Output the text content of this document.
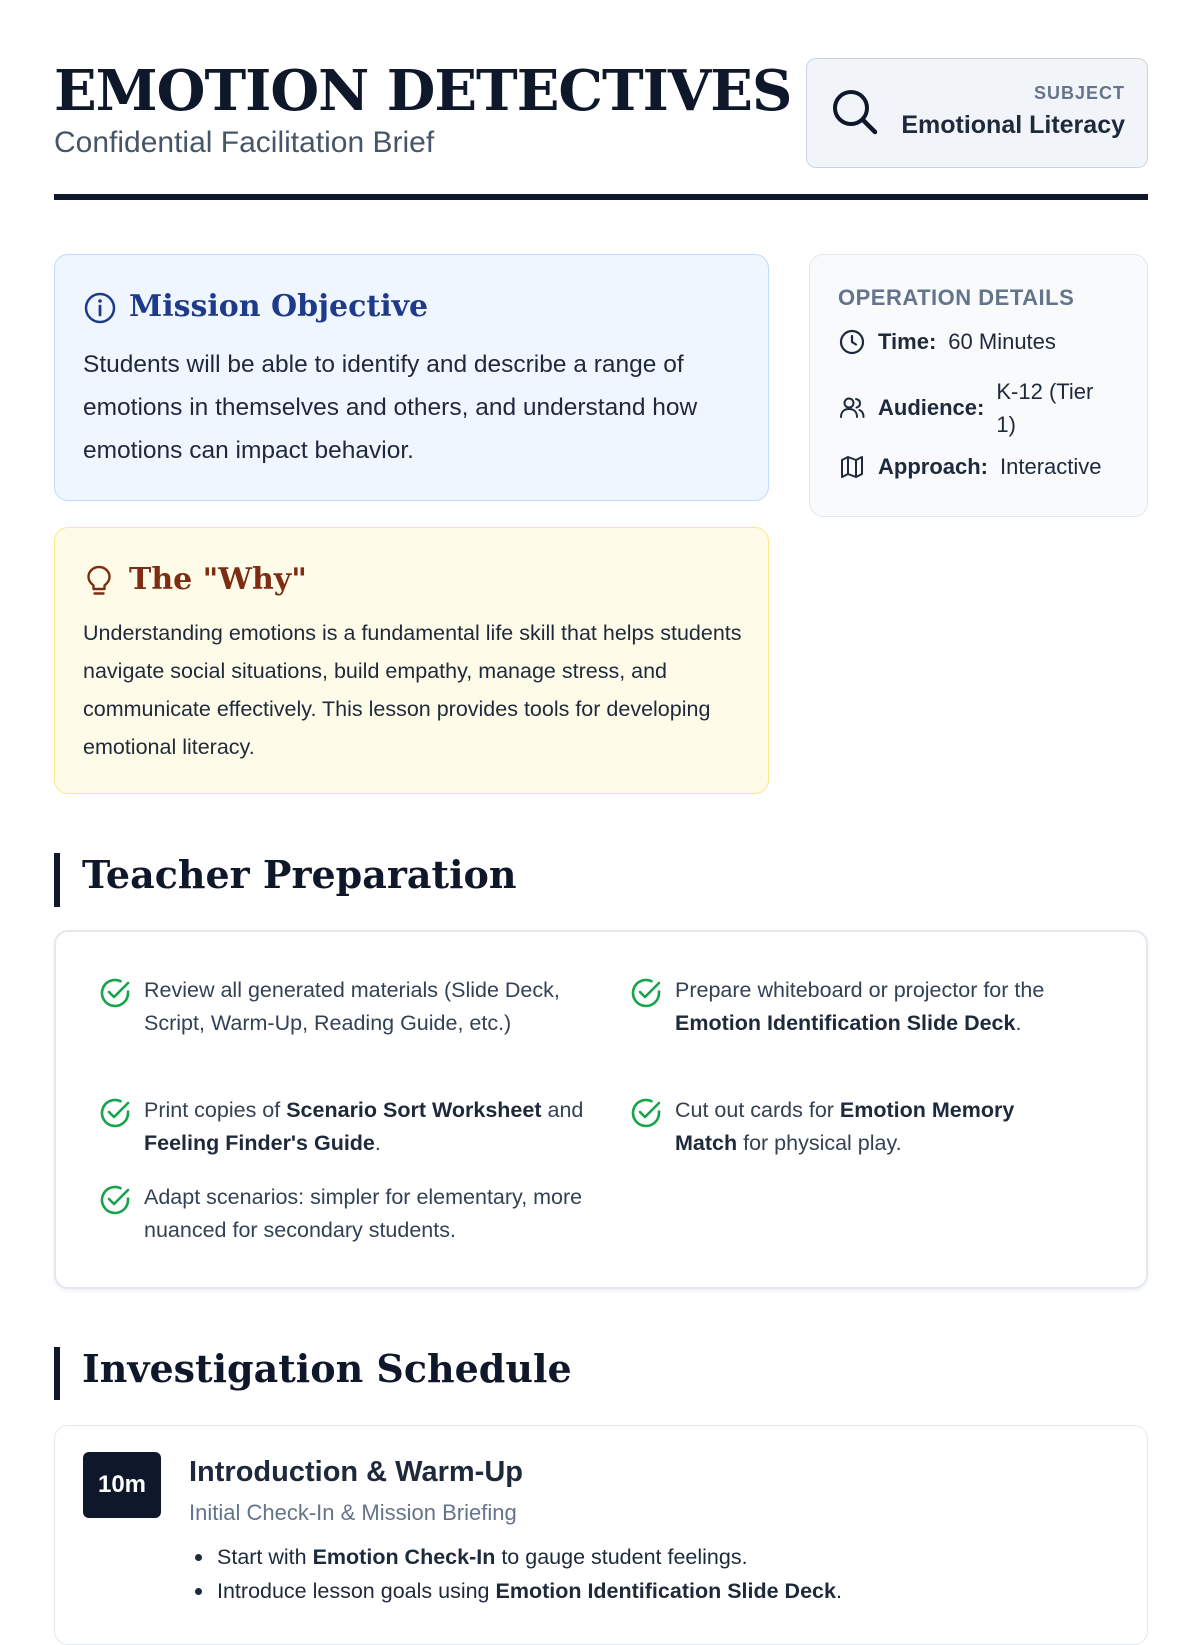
EMOTION DETECTIVES
Confidential Facilitation Brief
SUBJECT
Emotional Literacy
Mission Objective
Students will be able to identify and describe a range of emotions in themselves and others, and understand how emotions can impact behavior.
The "Why"
Understanding emotions is a fundamental life skill that helps students navigate social situations, build empathy, manage stress, and communicate effectively. This lesson provides tools for developing emotional literacy.
OPERATION DETAILS
Time: 60 Minutes
Audience:
K-12 (Tier 1)
Approach: Interactive
Teacher Preparation
Review all generated materials (Slide Deck, Script, Warm-Up, Reading Guide, etc.)
Prepare whiteboard or projector for the Emotion Identification Slide Deck.
Print copies of Scenario Sort Worksheet and Feeling Finder's Guide.
Cut out cards for Emotion Memory Match for physical play.
Adapt scenarios: simpler for elementary, more nuanced for secondary students.
Investigation Schedule
10m	Introduction & Warm-Up
Initial Check-In & Mission Briefing
Start with Emotion Check-In to gauge student feelings.
Introduce lesson goals using Emotion Identification Slide Deck.
